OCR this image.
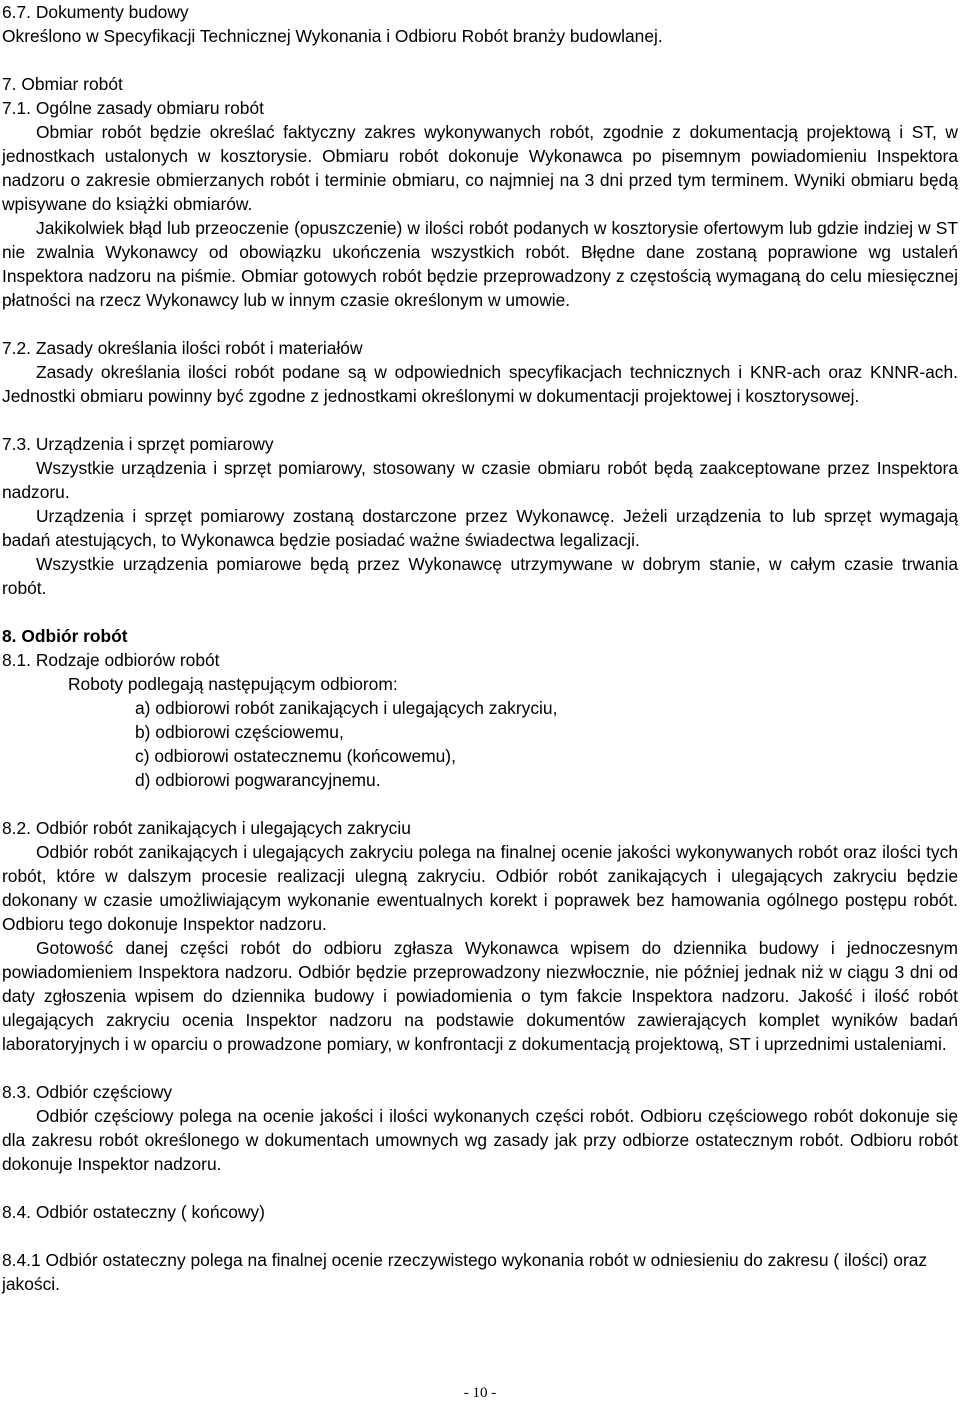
6.7. Dokumenty budowy

Określono w Specyfikacji Technicznej Wykonania i Odbioru Robót branży budowlanej.

7. Obmiar robót

7.1. Ogólne zasady obmiaru robót

Obmiar robót będzie określać faktyczny zakres wykonywanych robót, zgodnie z dokumentacją projektową i ST, w jednostkach ustalonych w kosztorysie. Obmiaru robót dokonuje Wykonawca po pisemnym powiadomieniu Inspektora nadzoru o zakresie obmierzanych robót i terminie obmiaru, co najmniej na 3 dni przed tym terminem. Wyniki obmiaru będą wpisywane do książki obmiarów.

Jakikolwiek błąd lub przeoczenie (opuszczenie) w ilości robót podanych w kosztorysie ofertowym lub gdzie indziej w ST nie zwalnia Wykonawcy od obowiązku ukończenia wszystkich robót. Błędne dane zostaną poprawione wg ustaleń Inspektora nadzoru na piśmie. Obmiar gotowych robót będzie przeprowadzony z częstością wymaganą do celu miesięcznej płatności na rzecz Wykonawcy lub w innym czasie określonym w umowie.

7.2. Zasady określania ilości robót i materiałów

Zasady określania ilości robót podane są w odpowiednich specyfikacjach technicznych i KNR-ach oraz KNNR-ach. Jednostki obmiaru powinny być zgodne z jednostkami określonymi w dokumentacji projektowej i kosztorysowej.

7.3. Urządzenia i sprzęt pomiarowy

Wszystkie urządzenia i sprzęt pomiarowy, stosowany w czasie obmiaru robót będą zaakceptowane przez Inspektora nadzoru.

Urządzenia i sprzęt pomiarowy zostaną dostarczone przez Wykonawcę. Jeżeli urządzenia to lub sprzęt wymagają badań atestujących, to Wykonawca będzie posiadać ważne świadectwa legalizacji.

Wszystkie urządzenia pomiarowe będą przez Wykonawcę utrzymywane w dobrym stanie, w całym czasie trwania robót.

8. Odbiór robót

8.1. Rodzaje odbiorów robót

Roboty podlegają następującym odbiorom:

a) odbiorowi robót zanikających i ulegających zakryciu,
b) odbiorowi częściowemu,
c) odbiorowi ostatecznemu (końcowemu),
d) odbiorowi pogwarancyjnemu.

8.2. Odbiór robót zanikających i ulegających zakryciu

Odbiór robót zanikających i ulegających zakryciu polega na finalnej ocenie jakości wykonywanych robót oraz ilości tych robót, które w dalszym procesie realizacji ulegną zakryciu. Odbiór robót zanikających i ulegających zakryciu będzie dokonany w czasie umożliwiającym wykonanie ewentualnych korekt i poprawek bez hamowania ogólnego postępu robót. Odbioru tego dokonuje Inspektor nadzoru.

Gotowość danej części robót do odbioru zgłasza Wykonawca wpisem do dziennika budowy i jednoczesnym powiadomieniem Inspektora nadzoru. Odbiór będzie przeprowadzony niezwłocznie, nie później jednak niż w ciągu 3 dni od daty zgłoszenia wpisem do dziennika budowy i powiadomienia o tym fakcie Inspektora nadzoru. Jakość i ilość robót ulegających zakryciu ocenia Inspektor nadzoru na podstawie dokumentów zawierających komplet wyników badań laboratoryjnych i w oparciu o prowadzone pomiary, w konfrontacji z dokumentacją projektową, ST i uprzednimi ustaleniami.

8.3. Odbiór częściowy

Odbiór częściowy polega na ocenie jakości i ilości wykonanych części robót. Odbioru częściowego robót dokonuje się dla zakresu robót określonego w dokumentach umownych wg zasady jak przy odbiorze ostatecznym robót. Odbioru robót dokonuje Inspektor nadzoru.

8.4. Odbiór ostateczny ( końcowy)

8.4.1 Odbiór ostateczny polega na finalnej ocenie rzeczywistego wykonania robót w odniesieniu do zakresu ( ilości) oraz jakości.

- 10 -
